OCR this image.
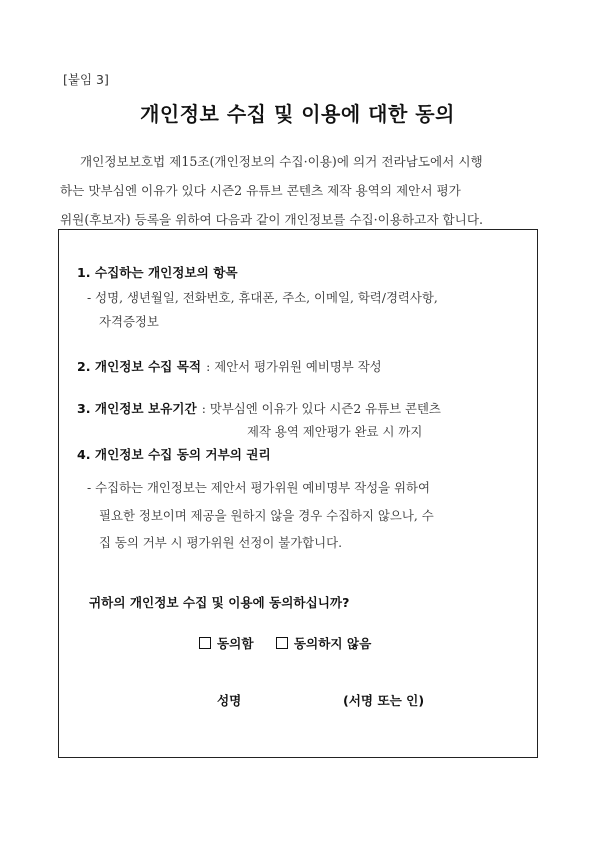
[붙임 3]
개인정보 수집 및 이용에 대한 동의

개인정보보호법 제15조(개인정보의 수집·이용)에 의거 전라남도에서 시행

하는 맛부심엔 이유가 있다 시즌2 유튜브 콘텐츠 제작 용역의 제안서 평가

위원(후보자) 등록을 위하여 다음과 같이 개인정보를 수집·이용하고자 합니다.

1. 수집하는 개인정보의 항목
- 성명, 생년월일, 전화번호, 휴대폰, 주소, 이메일, 학력/경력사항,
자격증정보
2. 개인정보 수집 목적 : 제안서 평가위원 예비명부 작성
3. 개인정보 보유기간 : 맛부심엔 이유가 있다 시즌2 유튜브 콘텐츠
제작 용역 제안평가 완료 시 까지
4. 개인정보 수집 동의 거부의 권리
- 수집하는 개인정보는 제안서 평가위원 예비명부 작성을 위하여
필요한 정보이며 제공을 원하지 않을 경우 수집하지 않으나, 수
집 동의 거부 시 평가위원 선정이 불가합니다.
귀하의 개인정보 수집 및 이용에 동의하십니까?
동의함
	동의하지 않음
성명	(서명 또는 인)
